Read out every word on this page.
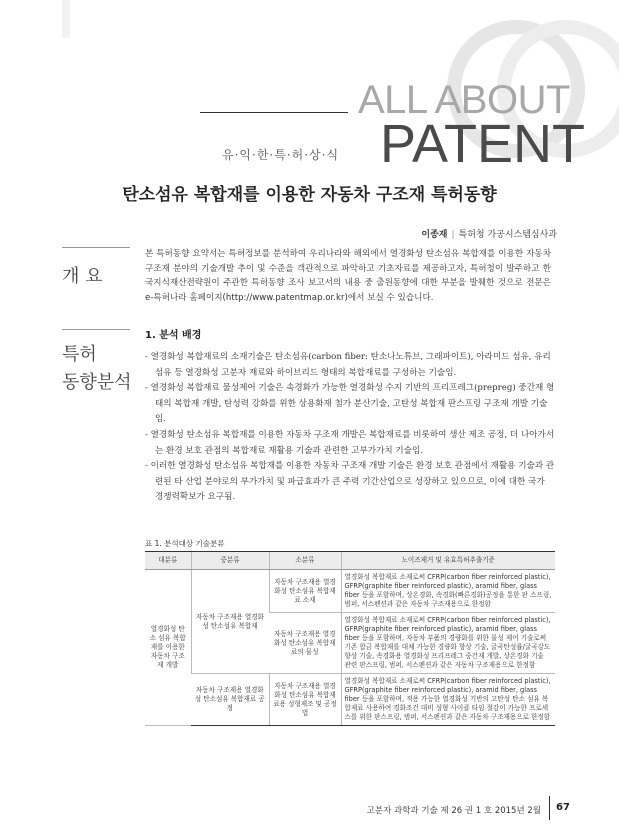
ALL ABOUT
PATENT
유·익·한·특·허·상·식
탄소섬유 복합재를 이용한 자동차 구조재 특허동향
이종재 | 특허청 가공시스템심사과
개 요
특허
동향분석
본 특허동향 요약서는 특허정보를 분석하여 우리나라와 해외에서 열경화성 탄소섬유 복합재를 이용한 자동차 구조재 분야의 기술개발 추이 및 수준을 객관적으로 파악하고 기초자료를 제공하고자, 특허청이 발주하고 한국지식재산전략원이 주관한 특허동향 조사 보고서의 내용 중 출원동향에 대한 부분을 발췌한 것으로 전문은 e-특허나라 홈페이지(http://www.patentmap.or.kr)에서 보실 수 있습니다.
1. 분석 배경
- 열경화성 복합재료의 소재기술은 탄소섬유(carbon fiber: 탄소나노튜브, 그래파이트), 아라미드 섬유, 유리섬유 등 열경화성 고분자 재료와 하이브리드 형태의 복합재료를 구성하는 기술임.
- 열경화성 복합재료 물성제어 기술은 속경화가 가능한 열경화성 수지 기반의 프리프레그(prepreg) 중간재 형태의 복합재 개발, 탄성력 강화를 위한 상용화재 첨가 분산기술, 고탄성 복합재 판스프링 구조재 개발 기술임.
- 열경화성 탄소섬유 복합재를 이용한 자동차 구조재 개발은 복합재료를 비롯하여 생산 제조 공정, 더 나아가서는 환경 보호 관점의 복합재료 재활용 기술과 관련한 고부가가치 기술임.
- 이러한 열경화성 탄소섬유 복합재를 이용한 자동차 구조재 개발 기술은 환경 보호 관점에서 재활용 기술과 관련된 타 산업 분야로의 부가가치 및 파급효과가 큰 주력 기간산업으로 성장하고 있으므로, 이에 대한 국가 경쟁력확보가 요구됨.
표 1. 분석대상 기술분류
대분류	중분류	소분류	노이즈제거 및 유효특허추출기준
열경화성 탄소 섬유 복합재를 이용한 자동차 구조재 개발	자동차 구조재용 열경화성 탄소섬유 복합재	자동차 구조재용 열경화성 탄소섬유 복합재료 소재	열경화성 복합재료 소재로써 CFRP(carbon fiber reinforced plastic), GFRP(graphite fiber reinforced plastic), aramid fiber, glass fiber 등을 포함하며, 상온경화, 속경화(빠른경화)공정을 통한 판 스프링, 범퍼, 서스펜션과 같은 자동차 구조재용으로 한정함
		자동차 구조재용 열경화성 탄소섬유 복합재료의 물성	열경화성 복합재료 소재로써 CFRP(carbon fiber reinforced plastic), GFRP(graphite fiber reinforced plastic), aramid fiber, glass fiber 등을 포함하며, 자동차 부품의 경량화를 위한 물성 제어 기술로써 기존 합금 복합재를 대체 가능한 경량화 향상 기술, 굴곡탄성률/굴곡강도 향상 기술, 속경화용 열경화성 프리프레그 중간재 개발, 상온경화 기술 관련 판스프링, 범퍼, 서스펜션과 같은 자동차 구조재용으로 한정함
	자동차 구조재용 열경화성 탄소섬유 복합재료 공정	자동차 구조재용 열경화성 탄소섬유 복합재료용 성형제조 및 공정법	열경화성 복합재료 소재로써 CFRP(carbon fiber reinforced plastic), GFRP(graphite fiber reinforced plastic), aramid fiber, glass fiber 등을 포함하며, 적용 가능한 열경화성 기반의 고탄성 탄소 섬유 복합재료 사용하여 경화조건 대비 성형 사이클 타임 절감이 가능한 프로세스를 위한 판스프링, 범퍼, 서스펜션과 같은 자동차 구조재용으로 한정함
고분자 과학과 기술 제 26 권 1 호 2015년 2월 67
